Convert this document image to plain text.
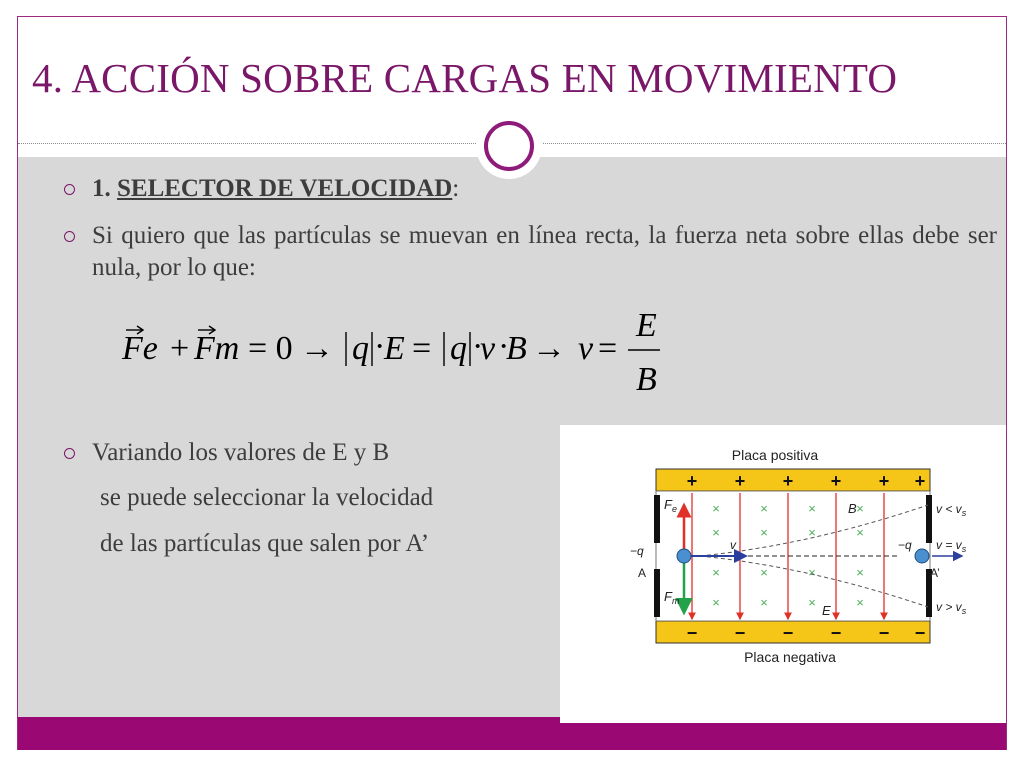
4. ACCIÓN SOBRE CARGAS EN MOVIMIENTO
1. SELECTOR DE VELOCIDAD:
Si quiero que las partículas se muevan en línea recta, la fuerza neta sobre ellas debe ser nula, por lo que:
Fe + Fm = 0 → q ·
E = q ·
v ·
B → v =
E
B
Variando los valores de E y B
se puede seleccionar la velocidad
de las partículas que salen por A’
Placa positiva
Placa negativa
+ + + + + +
− − − − − −
×	×	×	×
×	×	×	×
×	×	×	×
×	×	×	×
v
$F_e$
$F_m$
B
E
−q	−q
A	A’
$v < v_s$
$v = v_s$
$v > v_s$
